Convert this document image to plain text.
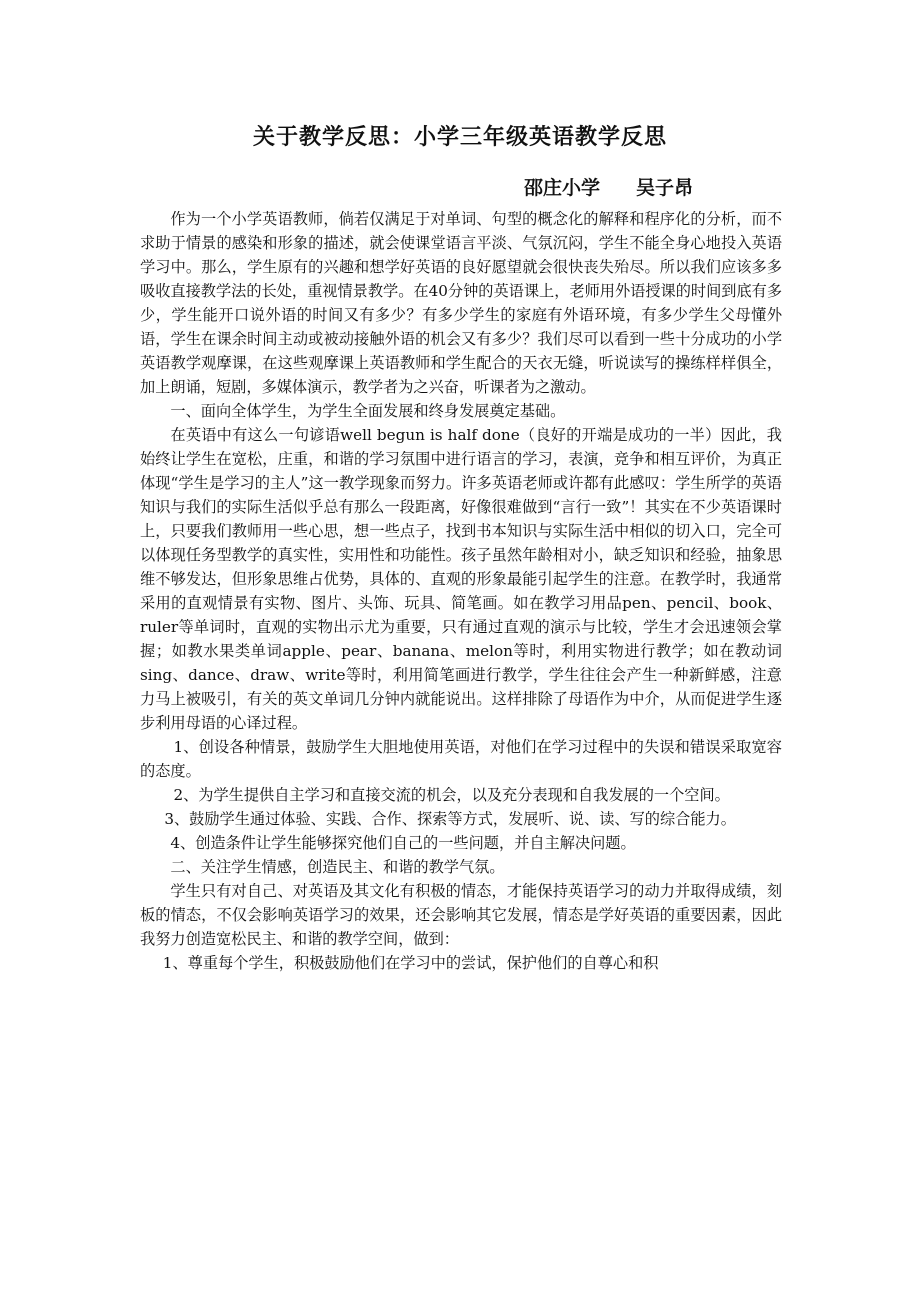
关于教学反思：小学三年级英语教学反思
邵庄小学 吴子昂

作为一个小学英语教师，倘若仅满足于对单词、句型的概念化的解释和程序化的分析，而不求助于情景的感染和形象的描述，就会使课堂语言平淡、气氛沉闷，学生不能全身心地投入英语学习中。那么，学生原有的兴趣和想学好英语的良好愿望就会很快丧失殆尽。所以我们应该多多吸收直接教学法的长处，重视情景教学。在40分钟的英语课上，老师用外语授课的时间到底有多少，学生能开口说外语的时间又有多少？有多少学生的家庭有外语环境，有多少学生父母懂外语，学生在课余时间主动或被动接触外语的机会又有多少？我们尽可以看到一些十分成功的小学英语教学观摩课，在这些观摩课上英语教师和学生配合的天衣无缝，听说读写的操练样样俱全，加上朗诵，短剧，多媒体演示，教学者为之兴奋，听课者为之激动。

一、面向全体学生，为学生全面发展和终身发展奠定基础。

在英语中有这么一句谚语well begun is half done（良好的开端是成功的一半）因此，我始终让学生在宽松，庄重，和谐的学习氛围中进行语言的学习，表演，竞争和相互评价，为真正体现“学生是学习的主人”这一教学现象而努力。许多英语老师或许都有此感叹：学生所学的英语知识与我们的实际生活似乎总有那么一段距离，好像很难做到“言行一致”！其实在不少英语课时上，只要我们教师用一些心思，想一些点子，找到书本知识与实际生活中相似的切入口，完全可以体现任务型教学的真实性，实用性和功能性。孩子虽然年龄相对小，缺乏知识和经验，抽象思维不够发达，但形象思维占优势，具体的、直观的形象最能引起学生的注意。在教学时，我通常采用的直观情景有实物、图片、头饰、玩具、简笔画。如在教学习用品pen、pencil、book、ruler等单词时，直观的实物出示尤为重要，只有通过直观的演示与比较，学生才会迅速领会掌握；如教水果类单词apple、pear、banana、melon等时，利用实物进行教学；如在教动词sing、dance、draw、write等时，利用简笔画进行教学，学生往往会产生一种新鲜感，注意力马上被吸引，有关的英文单词几分钟内就能说出。这样排除了母语作为中介，从而促进学生逐步利用母语的心译过程。

1、创设各种情景，鼓励学生大胆地使用英语，对他们在学习过程中的失误和错误采取宽容的态度。

2、为学生提供自主学习和直接交流的机会，以及充分表现和自我发展的一个空间。

3、鼓励学生通过体验、实践、合作、探索等方式，发展听、说、读、写的综合能力。

4、创造条件让学生能够探究他们自己的一些问题，并自主解决问题。

二、关注学生情感，创造民主、和谐的教学气氛。

学生只有对自己、对英语及其文化有积极的情态，才能保持英语学习的动力并取得成绩，刻板的情态，不仅会影响英语学习的效果，还会影响其它发展，情态是学好英语的重要因素，因此我努力创造宽松民主、和谐的教学空间，做到：

1、尊重每个学生，积极鼓励他们在学习中的尝试，保护他们的自尊心和积
